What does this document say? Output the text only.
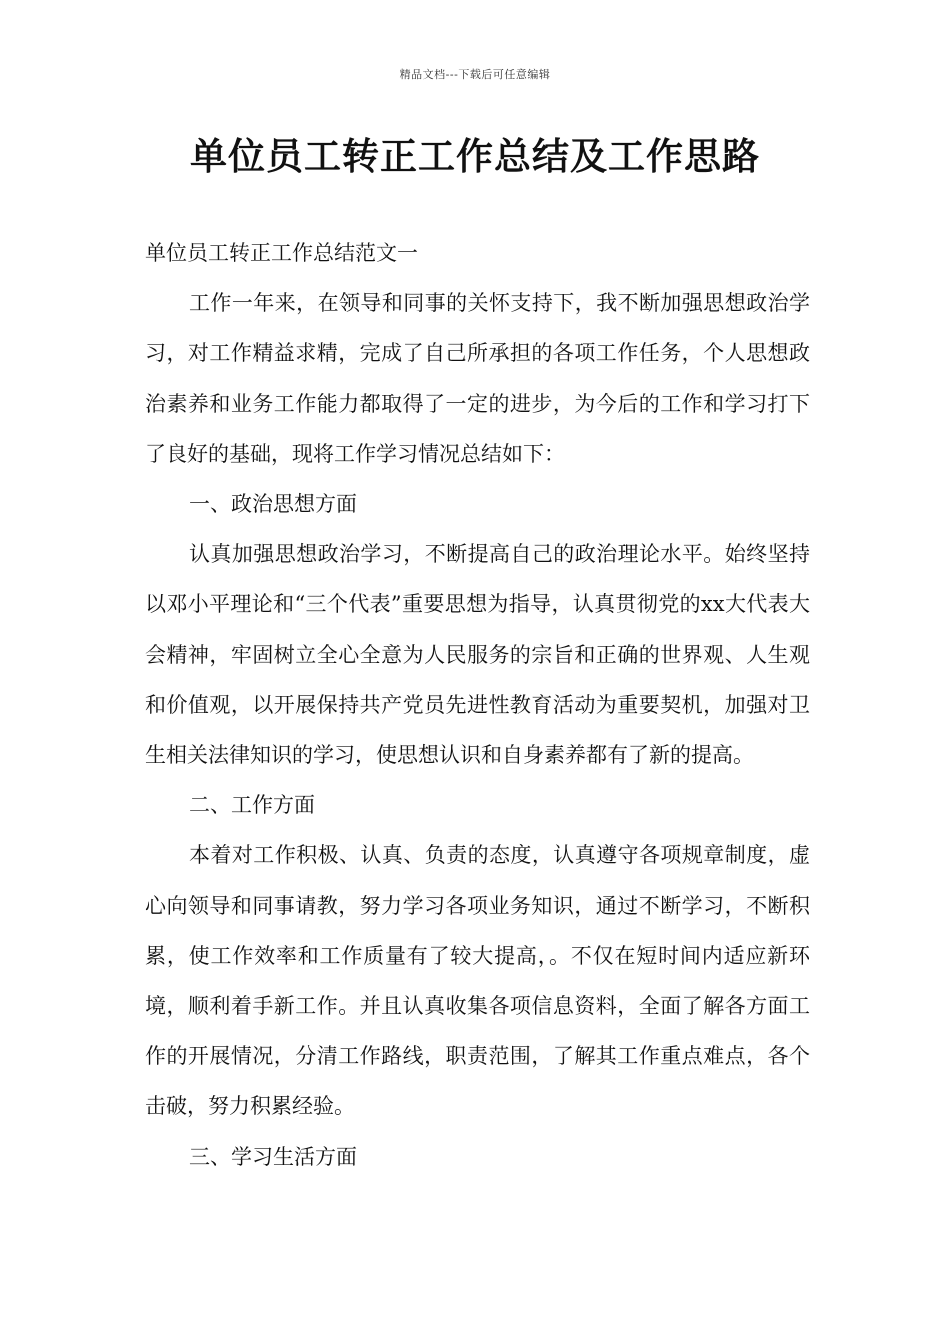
精品文档---下载后可任意编辑
单位员工转正工作总结及工作思路

单位员工转正工作总结范文一

工作一年来，在领导和同事的关怀支持下，我不断加强思想政治学习，对工作精益求精，完成了自己所承担的各项工作任务，个人思想政治素养和业务工作能力都取得了一定的进步，为今后的工作和学习打下了良好的基础，现将工作学习情况总结如下：

一、政治思想方面

认真加强思想政治学习，不断提高自己的政治理论水平。始终坚持以邓小平理论和“三个代表”重要思想为指导，认真贯彻党的xx大代表大会精神，牢固树立全心全意为人民服务的宗旨和正确的世界观、人生观和价值观，以开展保持共产党员先进性教育活动为重要契机，加强对卫生相关法律知识的学习，使思想认识和自身素养都有了新的提高。

二、工作方面

本着对工作积极、认真、负责的态度，认真遵守各项规章制度，虚心向领导和同事请教，努力学习各项业务知识，通过不断学习，不断积累，使工作效率和工作质量有了较大提高，。不仅在短时间内适应新环境，顺利着手新工作。并且认真收集各项信息资料，全面了解各方面工作的开展情况，分清工作路线，职责范围，了解其工作重点难点，各个击破，努力积累经验。

三、学习生活方面
